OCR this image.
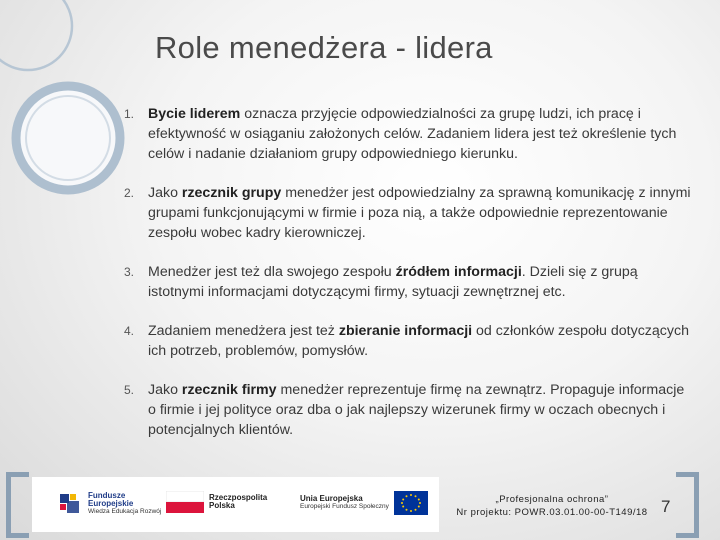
Role menedżera - lidera
1. Bycie liderem oznacza przyjęcie odpowiedzialności za grupę ludzi, ich pracę i efektywność w osiąganiu założonych celów. Zadaniem lidera jest też określenie tych celów i nadanie działaniom grupy odpowiedniego kierunku.
2. Jako rzecznik grupy menedżer jest odpowiedzialny za sprawną komunikację z innymi grupami funkcjonującymi w firmie i poza nią, a także odpowiednie reprezentowanie zespołu wobec kadry kierowniczej.
3. Menedżer jest też dla swojego zespołu źródłem informacji. Dzieli się z grupą istotnymi informacjami dotyczącymi firmy, sytuacji zewnętrznej etc.
4. Zadaniem menedżera jest też zbieranie informacji od członków zespołu dotyczących ich potrzeb, problemów, pomysłów.
5. Jako rzecznik firmy menedżer reprezentuje firmę na zewnątrz. Propaguje informacje o firmie i jej polityce oraz dba o jak najlepszy wizerunek firmy w oczach obecnych i potencjalnych klientów.
Fundusze
Europejskie
Wiedza Edukacja Rozwój
Rzeczpospolita
Polska
Unia Europejska
Europejski Fundusz Społeczny
„Profesjonalna ochrona”
Nr projektu: POWR.03.01.00-00-T149/18 7
